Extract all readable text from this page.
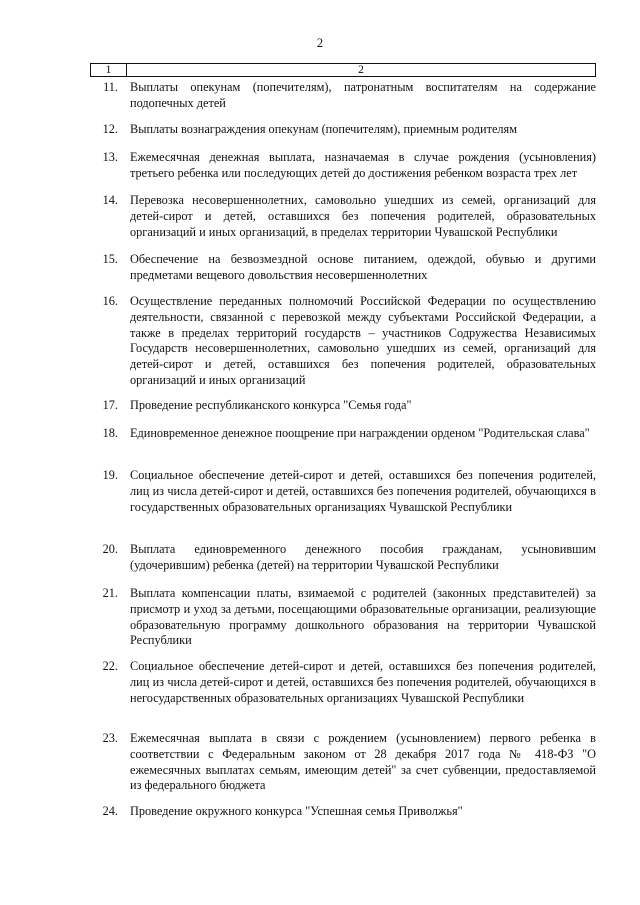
2
1	2
11. Выплаты опекунам (попечителям), патронатным воспитателям на содержание подопечных детей
12. Выплаты вознаграждения опекунам (попечителям), приемным родителям
13. Ежемесячная денежная выплата, назначаемая в случае рождения (усыновления) третьего ребенка или последующих детей до достижения ребенком возраста трех лет
14. Перевозка несовершеннолетних, самовольно ушедших из семей, организаций для детей-сирот и детей, оставшихся без попечения родителей, образовательных организаций и иных организаций, в пределах территории Чувашской Республики
15. Обеспечение на безвозмездной основе питанием, одеждой, обувью и другими предметами вещевого довольствия несовершеннолетних
16. Осуществление переданных полномочий Российской Федерации по осуществлению деятельности, связанной с перевозкой между субъектами Российской Федерации, а также в пределах территорий государств – участников Содружества Независимых Государств несовершеннолетних, самовольно ушедших из семей, организаций для детей-сирот и детей, оставшихся без попечения родителей, образовательных организаций и иных организаций
17. Проведение республиканского конкурса "Семья года"
18. Единовременное денежное поощрение при награждении орденом "Родительская слава"
19. Социальное обеспечение детей-сирот и детей, оставшихся без попечения родителей, лиц из числа детей-сирот и детей, оставшихся без попечения родителей, обучающихся в государственных образовательных организациях Чувашской Республики
20. Выплата единовременного денежного пособия гражданам, усыновившим (удочерившим) ребенка (детей) на территории Чувашской Республики
21. Выплата компенсации платы, взимаемой с родителей (законных представителей) за присмотр и уход за детьми, посещающими образовательные организации, реализующие образовательную программу дошкольного образования на территории Чувашской Республики
22. Социальное обеспечение детей-сирот и детей, оставшихся без попечения родителей, лиц из числа детей-сирот и детей, оставшихся без попечения родителей, обучающихся в негосударственных образовательных организациях Чувашской Республики
23. Ежемесячная выплата в связи с рождением (усыновлением) первого ребенка в соответствии с Федеральным законом от 28 декабря 2017 года № 418-ФЗ "О ежемесячных выплатах семьям, имеющим детей" за счет субвенции, предоставляемой из федерального бюджета
24. Проведение окружного конкурса "Успешная семья Приволжья"
